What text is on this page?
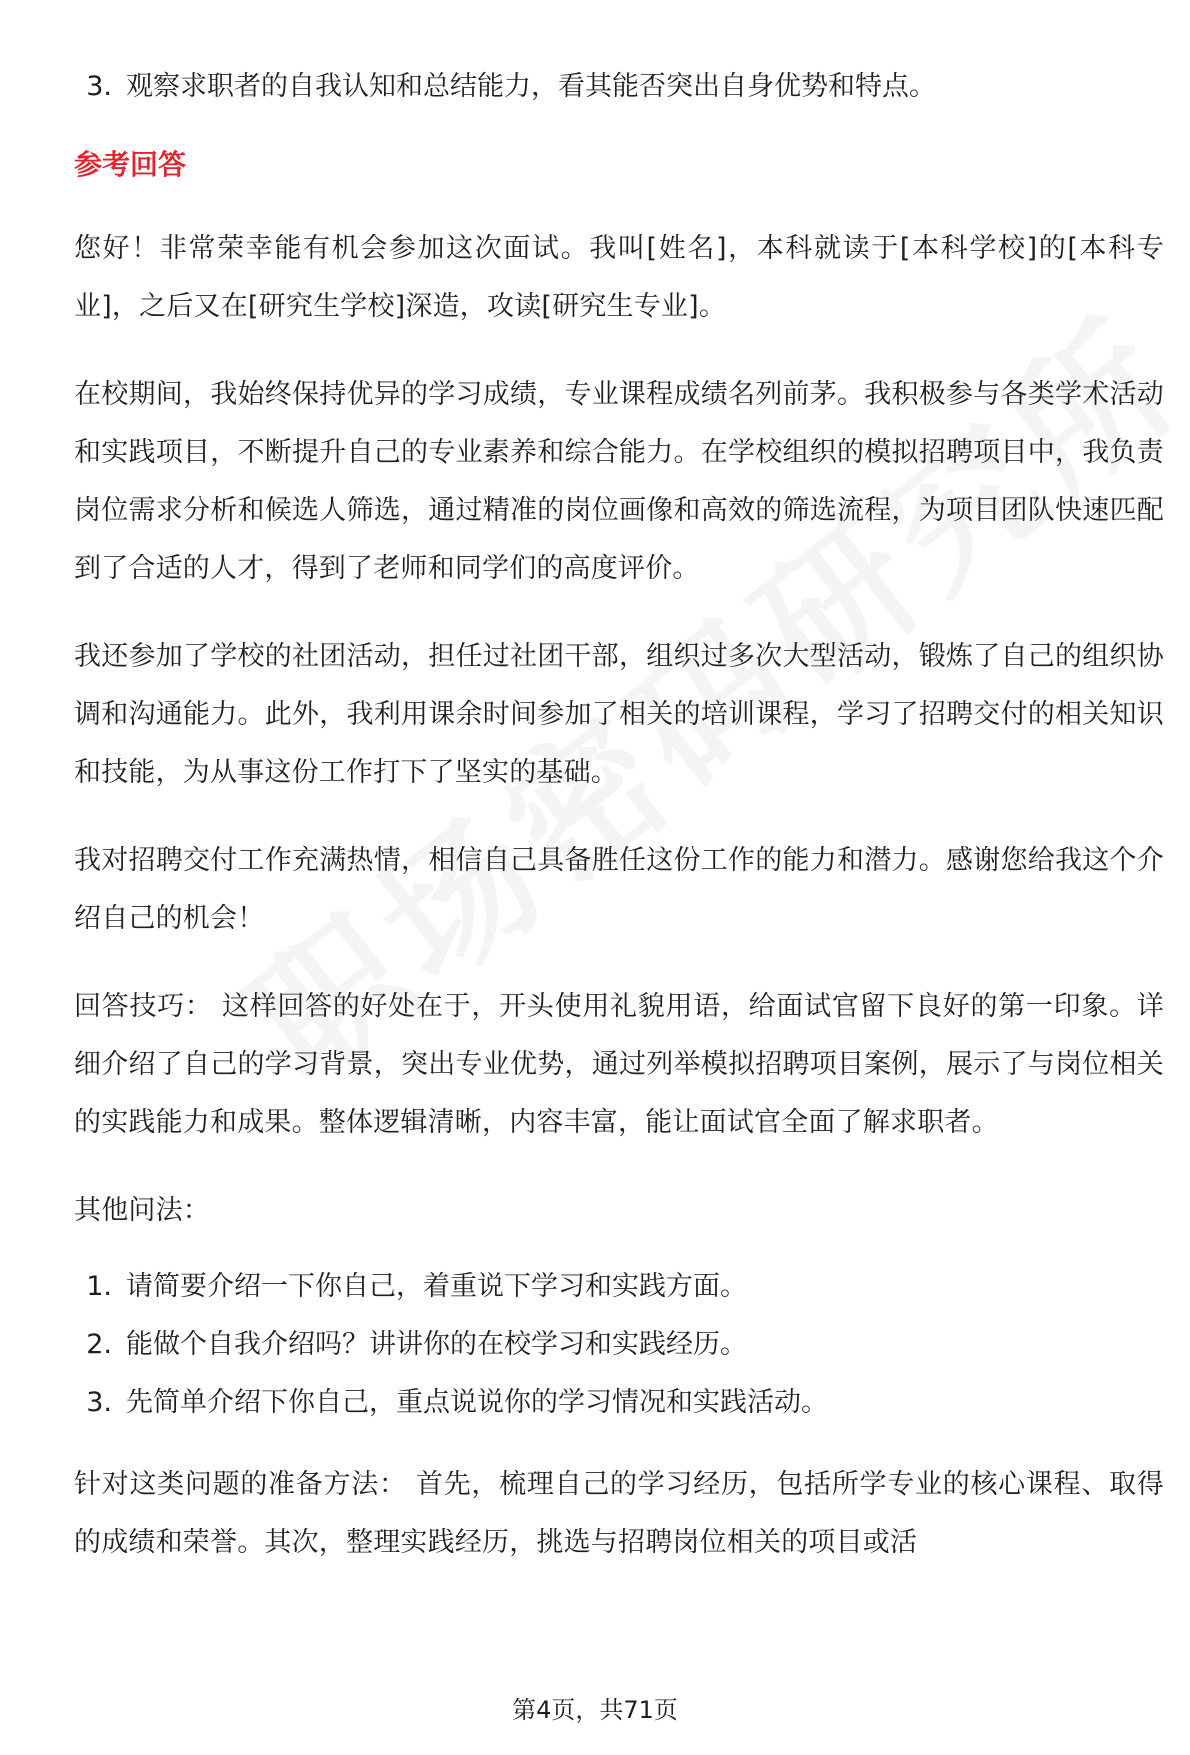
3. 观察求职者的自我认知和总结能力，看其能否突出自身优势和特点。
参考回答

您好！非常荣幸能有机会参加这次面试。我叫[姓名]，本科就读于[本科学校]的[本科专业]，之后又在[研究生学校]深造，攻读[研究生专业]。

在校期间，我始终保持优异的学习成绩，专业课程成绩名列前茅。我积极参与各类学术活动和实践项目，不断提升自己的专业素养和综合能力。在学校组织的模拟招聘项目中，我负责岗位需求分析和候选人筛选，通过精准的岗位画像和高效的筛选流程，为项目团队快速匹配到了合适的人才，得到了老师和同学们的高度评价。

我还参加了学校的社团活动，担任过社团干部，组织过多次大型活动，锻炼了自己的组织协调和沟通能力。此外，我利用课余时间参加了相关的培训课程，学习了招聘交付的相关知识和技能，为从事这份工作打下了坚实的基础。

我对招聘交付工作充满热情，相信自己具备胜任这份工作的能力和潜力。感谢您给我这个介绍自己的机会！

回答技巧： 这样回答的好处在于，开头使用礼貌用语，给面试官留下良好的第一印象。详细介绍了自己的学习背景，突出专业优势，通过列举模拟招聘项目案例，展示了与岗位相关的实践能力和成果。整体逻辑清晰，内容丰富，能让面试官全面了解求职者。

其他问法：

1. 请简要介绍一下你自己，着重说下学习和实践方面。
2. 能做个自我介绍吗？讲讲你的在校学习和实践经历。
3. 先简单介绍下你自己，重点说说你的学习情况和实践活动。

针对这类问题的准备方法： 首先，梳理自己的学习经历，包括所学专业的核心课程、取得的成绩和荣誉。其次，整理实践经历，挑选与招聘岗位相关的项目或活

第4页，共71页
